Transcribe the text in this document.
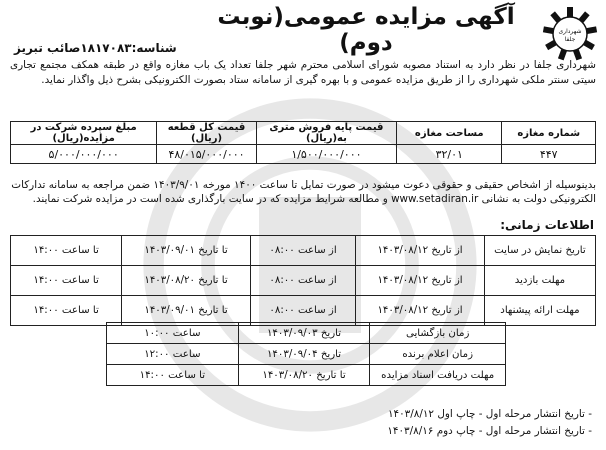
شهرداری
جلفا
آگهی مزایده عمومی(نوبت دوم)
شناسه:۱۸۱۷۰۸۳صائب تبریز
شهرداری جلفا در نظر دارد به استناد مصوبه شورای اسلامی محترم شهر جلفا تعداد یک باب مغازه واقع در طبقه همکف مجتمع تجاری سیتی سنتر ملکی شهرداری را از طریق مزایده عمومی و با بهره گیری از سامانه ستاد بصورت الکترونیکی بشرح ذیل واگذار نماید.
شماره مغازه	مساحت مغازه	قیمت پایه فروش متری به(ریال)	قیمت کل قطعه (ریال)	مبلغ سپرده شرکت در مزایده(ریال)
۴۴۷	۳۲/۰۱	۱/۵۰۰/۰۰۰/۰۰۰	۴۸/۰۱۵/۰۰۰/۰۰۰	۵/۰۰۰/۰۰۰/۰۰۰
بدینوسیله از اشخاص حقیقی و حقوقی دعوت میشود در صورت تمایل تا ساعت ۱۴۰۰ مورخه ۱۴۰۳/۹/۰۱ ضمن مراجعه به سامانه تدارکات الکترونیکی دولت به نشانی www.setadiran.ir و مطالعه شرایط مزایده که در سایت بارگذاری شده است در مزایده شرکت نمایند.
اطلاعات زمانی:
تاریخ نمایش در سایت	از تاریخ ۱۴۰۳/۰۸/۱۲	از ساعت ۰۸:۰۰	تا تاریخ ۱۴۰۳/۰۹/۰۱	تا ساعت ۱۴:۰۰
مهلت بازدید	از تاریخ ۱۴۰۳/۰۸/۱۲	از ساعت ۰۸:۰۰	تا تاریخ ۱۴۰۳/۰۸/۲۰	تا ساعت ۱۴:۰۰
مهلت ارائه پیشنهاد	از تاریخ ۱۴۰۳/۰۸/۱۲	از ساعت ۰۸:۰۰	تا تاریخ ۱۴۰۳/۰۹/۰۱	تا ساعت ۱۴:۰۰
زمان بازگشایی	تاریخ ۱۴۰۳/۰۹/۰۳	ساعت ۱۰:۰۰
زمان اعلام برنده	تاریخ ۱۴۰۳/۰۹/۰۴	ساعت ۱۲:۰۰
مهلت دریافت اسناد مزایده	تا تاریخ ۱۴۰۳/۰۸/۲۰	تا ساعت ۱۴:۰۰
- تاریخ انتشار مرحله اول - چاپ اول ۱۴۰۳/۸/۱۲
- تاریخ انتشار مرحله اول - چاپ دوم ۱۴۰۳/۸/۱۶
